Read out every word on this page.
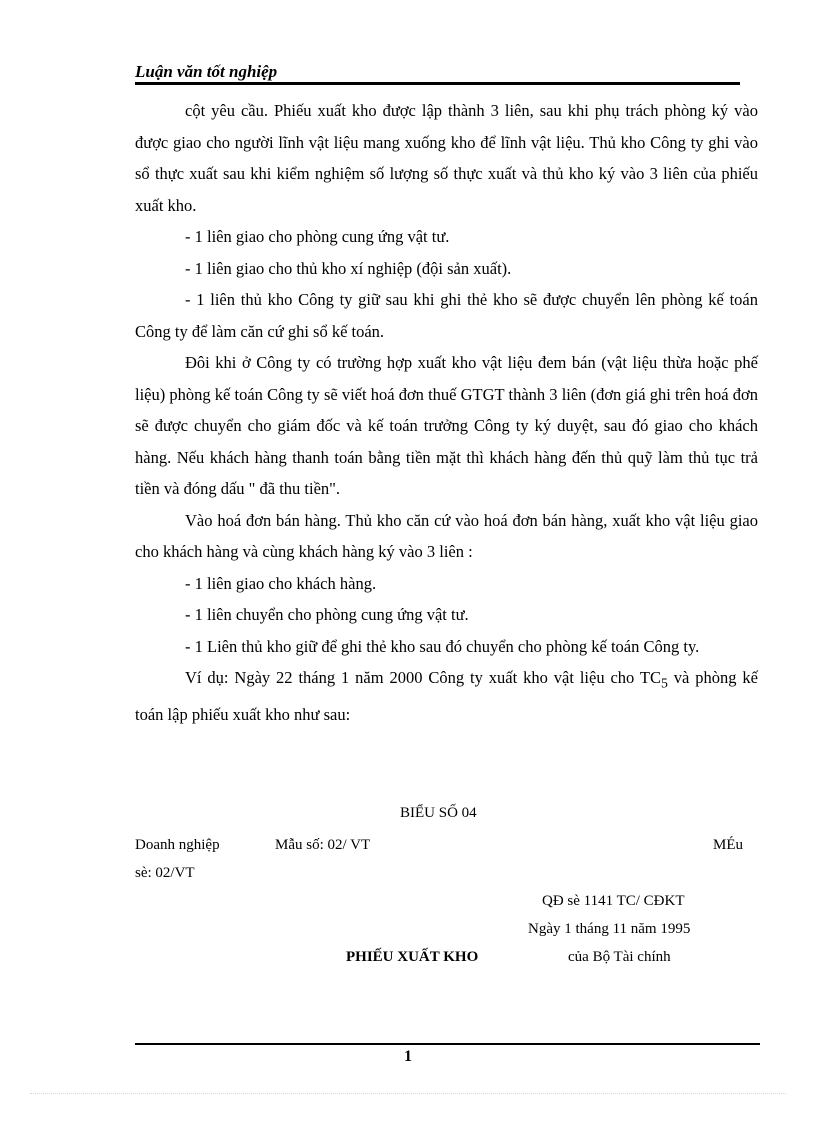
Luận văn tốt nghiệp

cột yêu cầu. Phiếu xuất kho được lập thành 3 liên, sau khi phụ trách phòng ký vào được giao cho người lĩnh vật liệu mang xuống kho để lĩnh vật liệu. Thủ kho Công ty ghi vào sổ thực xuất sau khi kiểm nghiệm số lượng số thực xuất và thủ kho ký vào 3 liên của phiếu xuất kho.

- 1 liên giao cho phòng cung ứng vật tư.

- 1 liên giao cho thủ kho xí nghiệp (đội sản xuất).

- 1 liên thủ kho Công ty giữ sau khi ghi thẻ kho sẽ được chuyển lên phòng kế toán Công ty để làm căn cứ ghi sổ kế toán.

Đôi khi ở Công ty có trường hợp xuất kho vật liệu đem bán (vật liệu thừa hoặc phế liệu) phòng kế toán Công ty sẽ viết hoá đơn thuế GTGT thành 3 liên (đơn giá ghi trên hoá đơn sẽ được chuyển cho giám đốc và kế toán trưởng Công ty ký duyệt, sau đó giao cho khách hàng. Nếu khách hàng thanh toán bằng tiền mặt thì khách hàng đến thủ quỹ làm thủ tục trả tiền và đóng dấu " đã thu tiền".

Vào hoá đơn bán hàng. Thủ kho căn cứ vào hoá đơn bán hàng, xuất kho vật liệu giao cho khách hàng và cùng khách hàng ký vào 3 liên :

- 1 liên giao cho khách hàng.

- 1 liên chuyển cho phòng cung ứng vật tư.

- 1 Liên thủ kho giữ để ghi thẻ kho sau đó chuyển cho phòng kế toán Công ty.

Ví dụ: Ngày 22 tháng 1 năm 2000 Công ty xuất kho vật liệu cho $TC_5$ và phòng kế toán lập phiếu xuất kho như sau:

BIỂU SỐ 04
Doanh nghiệp	Mẫu số: 02/ VT	MÉu
sè: 02/VT
QĐ sè 1141 TC/ CĐKT
Ngày 1 tháng 11 năm 1995
PHIẾU XUẤT KHO	của Bộ Tài chính
1
